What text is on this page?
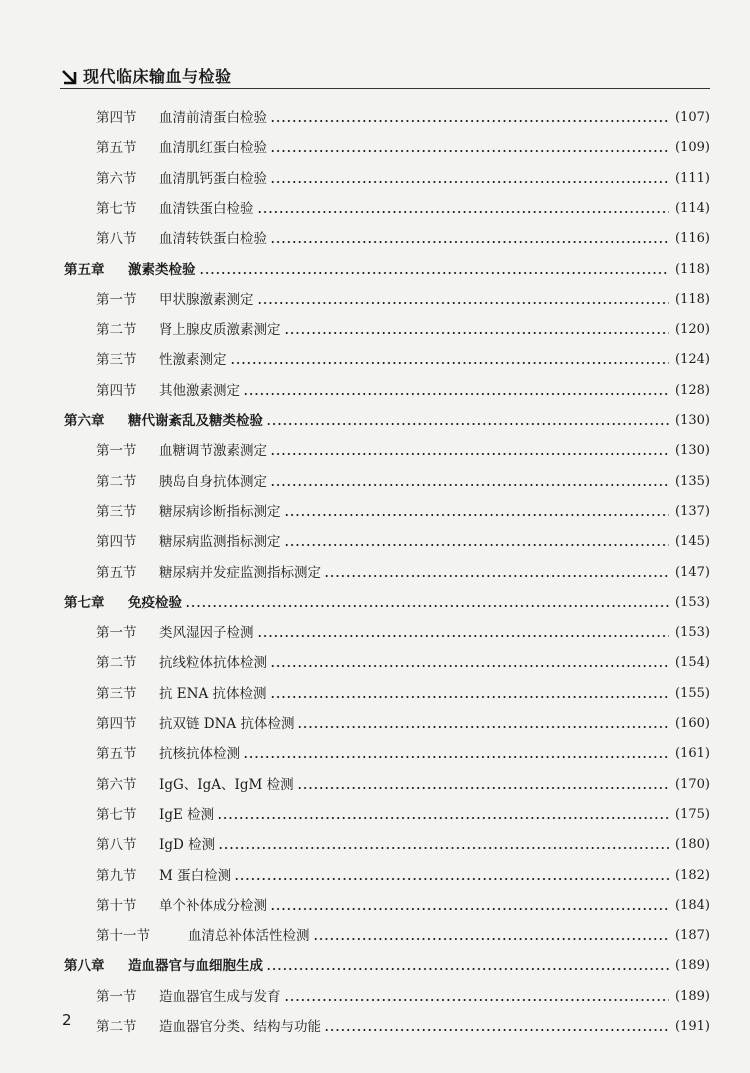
现代临床输血与检验
第四节	血清前清蛋白检验	(107)
第五节	血清肌红蛋白检验	(109)
第六节	血清肌钙蛋白检验	(111)
第七节	血清铁蛋白检验	(114)
第八节	血清转铁蛋白检验	(116)
第五章	激素类检验	(118)
第一节	甲状腺激素测定	(118)
第二节	肾上腺皮质激素测定	(120)
第三节	性激素测定	(124)
第四节	其他激素测定	(128)
第六章	糖代谢紊乱及糖类检验	(130)
第一节	血糖调节激素测定	(130)
第二节	胰岛自身抗体测定	(135)
第三节	糖尿病诊断指标测定	(137)
第四节	糖尿病监测指标测定	(145)
第五节	糖尿病并发症监测指标测定	(147)
第七章	免疫检验	(153)
第一节	类风湿因子检测	(153)
第二节	抗线粒体抗体检测	(154)
第三节	抗 ENA 抗体检测	(155)
第四节	抗双链 DNA 抗体检测	(160)
第五节	抗核抗体检测	(161)
第六节	IgG、IgA、IgM 检测	(170)
第七节	IgE 检测	(175)
第八节	IgD 检测	(180)
第九节	M 蛋白检测	(182)
第十节	单个补体成分检测	(184)
第十一节	血清总补体活性检测	(187)
第八章	造血器官与血细胞生成	(189)
第一节	造血器官生成与发育	(189)
第二节	造血器官分类、结构与功能	(191)
2
